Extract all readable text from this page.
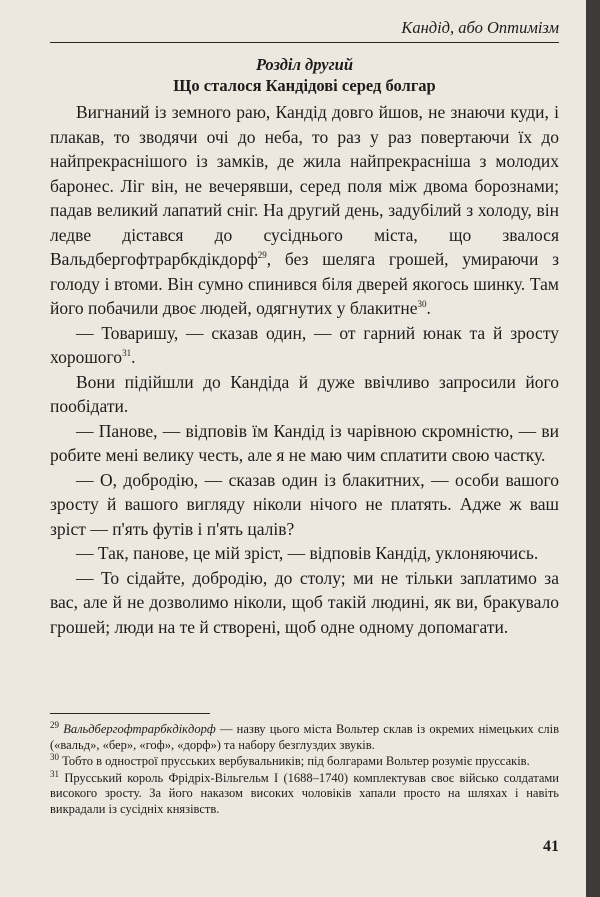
Кандід, або Оптимізм
Розділ другий
Що сталося Кандідові серед болгар

Вигнаний із земного раю, Кандід довго йшов, не знаючи куди, і плакав, то зводячи очі до неба, то раз у раз повертаючи їх до найпрекраснішого із замків, де жила найпрекрасніша з молодих баронес. Ліг він, не вечерявши, серед поля між двома борознами; падав великий лапатий сніг. На другий день, задубілий з холоду, він ледве дістався до сусіднього міста, що звалося Вальдбергофтрарбкдікдорф$^{29}$, без шеляга грошей, умираючи з голоду і втоми. Він сумно спинився біля дверей якогось шинку. Там його побачили двоє людей, одягнутих у блакитне$^{30}$.

— Товаришу, — сказав один, — от гарний юнак та й зросту хорошого$^{31}$.

Вони підійшли до Кандіда й дуже ввічливо запросили його пообідати.

— Панове, — відповів їм Кандід із чарівною скромністю, — ви робите мені велику честь, але я не маю чим сплатити свою частку.

— О, добродію, — сказав один із блакитних, — особи вашого зросту й вашого вигляду ніколи нічого не платять. Адже ж ваш зріст — п'ять футів і п'ять цалів?

— Так, панове, це мій зріст, — відповів Кандід, уклоняючись.

— То сідайте, добродію, до столу; ми не тільки заплатимо за вас, але й не дозволимо ніколи, щоб такій людині, як ви, бракувало грошей; люди на те й створені, щоб одне одному допомагати.

$^{29}$ Вальдбергофтрарбкдікдорф — назву цього міста Вольтер склав із окремих німецьких слів («вальд», «бер», «гоф», «дорф») та набору безглуздих звуків.

$^{30}$ Тобто в однострої прусських вербувальників; під болгарами Вольтер розуміє пруссаків.

$^{31}$ Прусський король Фрідріх-Вільгельм I (1688–1740) комплектував своє військо солдатами високого зросту. За його наказом високих чоловіків хапали просто на шляхах і навіть викрадали із сусідніх князівств.

41
